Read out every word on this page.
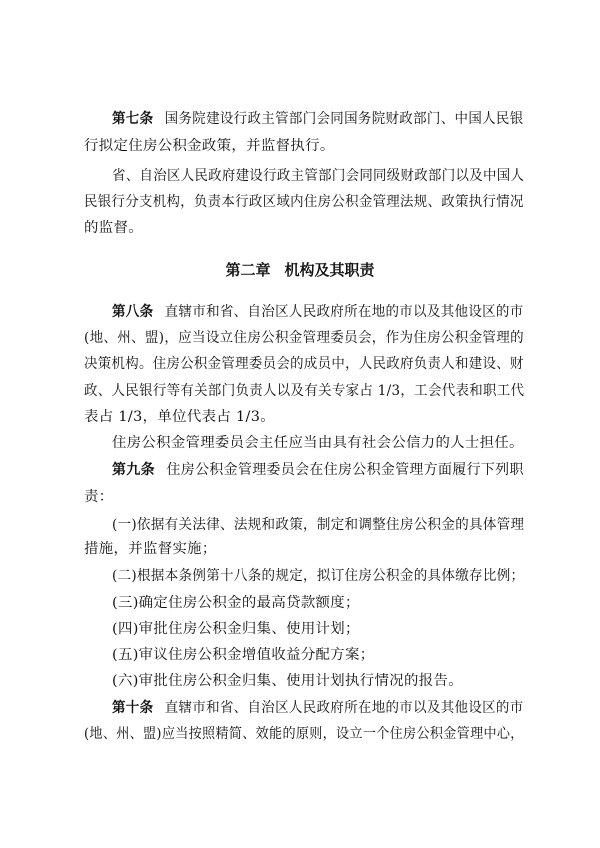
第七条 国务院建设行政主管部门会同国务院财政部门、中国人民银
行拟定住房公积金政策，并监督执行。
省、自治区人民政府建设行政主管部门会同同级财政部门以及中国人
民银行分支机构，负责本行政区域内住房公积金管理法规、政策执行情况
的监督。
第二章 机构及其职责
第八条 直辖市和省、自治区人民政府所在地的市以及其他设区的市
(地、州、盟)，应当设立住房公积金管理委员会，作为住房公积金管理的
决策机构。住房公积金管理委员会的成员中，人民政府负责人和建设、财
政、人民银行等有关部门负责人以及有关专家占 1/3，工会代表和职工代
表占 1/3，单位代表占 1/3。
住房公积金管理委员会主任应当由具有社会公信力的人士担任。
第九条 住房公积金管理委员会在住房公积金管理方面履行下列职
责：
(一)依据有关法律、法规和政策，制定和调整住房公积金的具体管理
措施，并监督实施；
(二)根据本条例第十八条的规定，拟订住房公积金的具体缴存比例；
(三)确定住房公积金的最高贷款额度；
(四)审批住房公积金归集、使用计划；
(五)审议住房公积金增值收益分配方案；
(六)审批住房公积金归集、使用计划执行情况的报告。
第十条 直辖市和省、自治区人民政府所在地的市以及其他设区的市
(地、州、盟)应当按照精简、效能的原则，设立一个住房公积金管理中心，
